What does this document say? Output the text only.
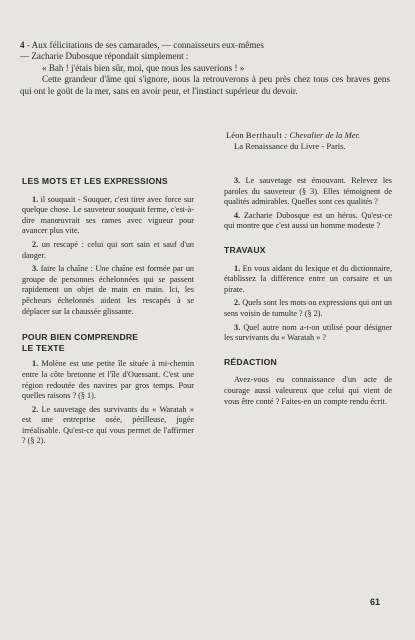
4 - Aux félicitations de ses camarades, — connaisseurs eux-mêmes

— Zacharie Dubosque répondait simplement :

« Bah ! j'étais bien sûr, moi, que nous les sauverions ! »

Cette grandeur d'âme qui s'ignore, nous la retrouverons à peu près chez tous ces braves gens qui ont le goût de la mer, sans en avoir peur, et l'instinct supérieur du devoir.

Léon Berthault : Chevalier de la Mer.
La Renaissance du Livre - Paris.
LES MOTS ET LES EXPRESSIONS
1. il souquait - Souquer, c'est tirer avec force sur quelque chose. Le sauveteur souquait ferme, c'est-à-dire manœuvrait ses rames avec vigueur pour avancer plus vite.
2. un rescapé : celui qui sort sain et sauf d'un danger.
3. faire la chaîne : Une chaîne est formée par un groupe de personnes échelonnées qui se passent rapidement un objet de main en main. Ici, les pêcheurs échelonnés aident les rescapés à se déplacer sur la chaussée glissante.
POUR BIEN COMPRENDRE
LE TEXTE
1. Molène est une petite île située à mi-chemin entre la côte bretonne et l'île d'Ouessant. C'est une région redoutée des navires par gros temps. Pour quelles raisons ? (§ 1).
2. Le sauvetage des survivants du « Waratah » est une entreprise osée, périlleuse, jugée irréalisable. Qu'est-ce qui vous permet de l'affirmer ? (§ 2).
3. Le sauvetage est émouvant. Relevez les paroles du sauveteur (§ 3). Elles témoignent de qualités admirables. Quelles sont ces qualités ?
4. Zacharie Dubosque est un héros. Qu'est-ce qui montre que c'est aussi un homme modeste ?
TRAVAUX
1. En vous aidant du lexique et du dictionnaire, établissez la différence entre un corsaire et un pirate.
2. Quels sont les mots ou expressions qui ont un sens voisin de tumulte ? (§ 2).
3. Quel autre nom a-t-on utilisé pour désigner les survivants du « Waratah » ?
RÉDACTION
Avez-vous eu connaissance d'un acte de courage aussi valeureux que celui qui vient de vous être conté ? Faites-en un compte rendu écrit.
61
